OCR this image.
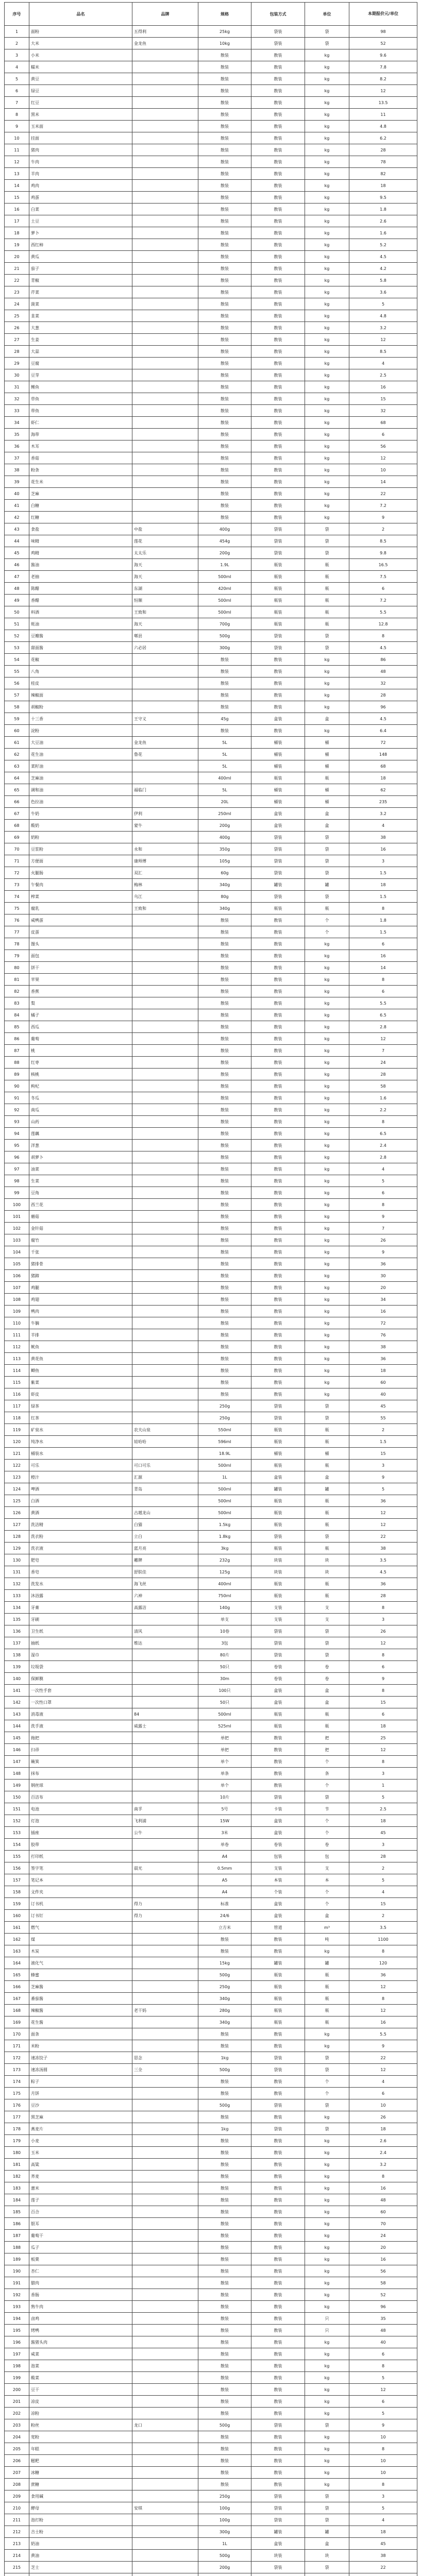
序号	品名	品牌	规格	包装方式	单位	本期报价元/单位
1	面粉	五得利	25kg	袋装	袋	98
2	大米	金龙鱼	10kg	袋装	袋	52
3	小米		散装	散装	kg	9.6
4	糯米		散装	散装	kg	7.8
5	黄豆		散装	散装	kg	8.2
6	绿豆		散装	散装	kg	12
7	红豆		散装	散装	kg	13.5
8	黑米		散装	散装	kg	11
9	玉米面		散装	散装	kg	4.8
10	挂面		散装	散装	kg	6.2
11	猪肉		散装	散装	kg	28
12	牛肉		散装	散装	kg	78
13	羊肉		散装	散装	kg	82
14	鸡肉		散装	散装	kg	18
15	鸡蛋		散装	散装	kg	9.5
16	白菜		散装	散装	kg	1.8
17	土豆		散装	散装	kg	2.6
18	萝卜		散装	散装	kg	1.6
19	西红柿		散装	散装	kg	5.2
20	黄瓜		散装	散装	kg	4.5
21	茄子		散装	散装	kg	4.2
22	青椒		散装	散装	kg	5.8
23	芹菜		散装	散装	kg	3.6
24	菠菜		散装	散装	kg	5
25	韭菜		散装	散装	kg	4.8
26	大葱		散装	散装	kg	3.2
27	生姜		散装	散装	kg	12
28	大蒜		散装	散装	kg	8.5
29	豆腐		散装	散装	kg	4
30	豆芽		散装	散装	kg	2.5
31	鲤鱼		散装	散装	kg	16
32	草鱼		散装	散装	kg	15
33	带鱼		散装	散装	kg	32
34	虾仁		散装	散装	kg	68
35	海带		散装	散装	kg	6
36	木耳		散装	散装	kg	56
37	香菇		散装	散装	kg	12
38	粉条		散装	散装	kg	10
39	花生米		散装	散装	kg	14
40	芝麻		散装	散装	kg	22
41	白糖		散装	散装	kg	7.2
42	红糖		散装	散装	kg	9
43	食盐	中盐	400g	袋装	袋	2
44	味精	莲花	454g	袋装	袋	8.5
45	鸡精	太太乐	200g	袋装	袋	9.8
46	酱油	海天	1.9L	瓶装	瓶	16.5
47	老抽	海天	500ml	瓶装	瓶	7.5
48	陈醋	东湖	420ml	瓶装	瓶	6
49	香醋	恒顺	500ml	瓶装	瓶	7.2
50	料酒	王致和	500ml	瓶装	瓶	5.5
51	蚝油	海天	700g	瓶装	瓶	12.8
52	豆瓣酱	郫县	500g	袋装	袋	8
53	甜面酱	六必居	300g	袋装	袋	4.5
54	花椒		散装	散装	kg	86
55	八角		散装	散装	kg	48
56	桂皮		散装	散装	kg	32
57	辣椒面		散装	散装	kg	28
58	胡椒粉		散装	散装	kg	96
59	十三香	王守义	45g	盒装	盒	4.5
60	淀粉		散装	散装	kg	6.4
61	大豆油	金龙鱼	5L	桶装	桶	72
62	花生油	鲁花	5L	桶装	桶	148
63	菜籽油		5L	桶装	桶	68
64	芝麻油		400ml	瓶装	瓶	18
65	调和油	福临门	5L	桶装	桶	62
66	色拉油		20L	桶装	桶	235
67	牛奶	伊利	250ml	盒装	盒	3.2
68	酸奶	蒙牛	200g	盒装	盒	4
69	奶粉		400g	袋装	袋	38
70	豆浆粉	永和	350g	袋装	袋	16
71	方便面	康师傅	105g	袋装	袋	3
72	火腿肠	双汇	60g	袋装	袋	1.5
73	午餐肉	梅林	340g	罐装	罐	18
74	榨菜	乌江	80g	袋装	袋	1.5
75	腐乳	王致和	340g	瓶装	瓶	8
76	咸鸭蛋		散装	散装	个	1.8
77	皮蛋		散装	散装	个	1.5
78	馒头		散装	散装	kg	6
79	面包		散装	散装	kg	16
80	饼干		散装	散装	kg	14
81	苹果		散装	散装	kg	8
82	香蕉		散装	散装	kg	6
83	梨		散装	散装	kg	5.5
84	橘子		散装	散装	kg	6.5
85	西瓜		散装	散装	kg	2.8
86	葡萄		散装	散装	kg	12
87	桃		散装	散装	kg	7
88	红枣		散装	散装	kg	24
89	核桃		散装	散装	kg	28
90	枸杞		散装	散装	kg	58
91	冬瓜		散装	散装	kg	1.6
92	南瓜		散装	散装	kg	2.2
93	山药		散装	散装	kg	8
94	莲藕		散装	散装	kg	6.5
95	洋葱		散装	散装	kg	2.4
96	胡萝卜		散装	散装	kg	2.8
97	油菜		散装	散装	kg	4
98	生菜		散装	散装	kg	5
99	豆角		散装	散装	kg	6
100	西兰花		散装	散装	kg	8
101	蘑菇		散装	散装	kg	9
102	金针菇		散装	散装	kg	7
103	腐竹		散装	散装	kg	26
104	千张		散装	散装	kg	9
105	猪排骨		散装	散装	kg	36
106	猪蹄		散装	散装	kg	30
107	鸡腿		散装	散装	kg	20
108	鸡翅		散装	散装	kg	34
109	鸭肉		散装	散装	kg	16
110	牛腩		散装	散装	kg	72
111	羊排		散装	散装	kg	76
112	鱿鱼		散装	散装	kg	38
113	黄花鱼		散装	散装	kg	36
114	鲫鱼		散装	散装	kg	18
115	紫菜		散装	散装	kg	60
116	虾皮		散装	散装	kg	40
117	绿茶		250g	袋装	袋	45
118	红茶		250g	袋装	袋	55
119	矿泉水	农夫山泉	550ml	瓶装	瓶	2
120	纯净水	娃哈哈	596ml	瓶装	瓶	1.5
121	桶装水		18.9L	桶装	桶	15
122	可乐	可口可乐	500ml	瓶装	瓶	3
123	橙汁	汇源	1L	盒装	盒	9
124	啤酒	青岛	500ml	罐装	罐	5
125	白酒		500ml	瓶装	瓶	36
126	黄酒	古越龙山	500ml	瓶装	瓶	12
127	洗洁精	白猫	1.5kg	瓶装	瓶	12
128	洗衣粉	立白	1.8kg	袋装	袋	22
129	洗衣液	蓝月亮	3kg	瓶装	瓶	38
130	肥皂	雕牌	232g	块装	块	3.5
131	香皂	舒肤佳	125g	块装	块	4.5
132	洗发水	海飞丝	400ml	瓶装	瓶	36
133	沐浴露	六神	750ml	瓶装	瓶	28
134	牙膏	高露洁	140g	支装	支	8
135	牙刷		单支	支装	支	3
136	卫生纸	清风	10卷	袋装	袋	26
137	抽纸	维达	3包	袋装	袋	12
138	湿巾		80片	袋装	袋	8
139	垃圾袋		50只	卷装	卷	6
140	保鲜膜		30m	卷装	卷	9
141	一次性手套		100只	盒装	盒	8
142	一次性口罩		50只	盒装	盒	15
143	消毒液	84	500ml	瓶装	瓶	6
144	洗手液	威露士	525ml	瓶装	瓶	18
145	拖把		单把	散装	把	25
146	扫帚		单把	散装	把	12
147	簸箕		单个	散装	个	8
148	抹布		单条	散装	条	3
149	钢丝球		单个	散装	个	1
150	百洁布		10片	袋装	袋	5
151	电池	南孚	5号	卡装	节	2.5
152	灯泡	飞利浦	15W	盒装	个	18
153	插座	公牛	3米	盒装	个	45
154	胶带		单卷	卷装	卷	3
155	打印纸		A4	包装	包	28
156	签字笔	晨光	0.5mm	支装	支	2
157	笔记本		A5	本装	本	5
158	文件夹		A4	个装	个	4
159	订书机	得力	标准	盒装	个	15
160	订书钉	得力	24/6	盒装	盒	2
161	燃气		立方米	管道	m³	3.5
162	煤		散装	散装	吨	1100
163	木炭		散装	散装	kg	8
164	液化气		15kg	罐装	罐	120
165	蜂蜜		500g	瓶装	瓶	36
166	芝麻酱		250g	瓶装	瓶	12
167	番茄酱		340g	瓶装	瓶	8
168	辣椒酱	老干妈	280g	瓶装	瓶	12
169	花生酱		340g	瓶装	瓶	16
170	面条		散装	散装	kg	5.5
171	米粉		散装	散装	kg	9
172	速冻饺子	思念	1kg	袋装	袋	22
173	速冻汤圆	三全	500g	袋装	袋	12
174	粽子		散装	散装	个	4
175	月饼		散装	散装	个	6
176	豆沙		500g	袋装	袋	10
177	黑芝麻		散装	散装	kg	26
178	燕麦片		1kg	袋装	袋	18
179	小麦		散装	散装	kg	2.6
180	玉米		散装	散装	kg	2.4
181	高粱		散装	散装	kg	3.2
182	荞麦		散装	散装	kg	8
183	薏米		散装	散装	kg	16
184	莲子		散装	散装	kg	48
185	百合		散装	散装	kg	60
186	银耳		散装	散装	kg	70
187	葡萄干		散装	散装	kg	24
188	瓜子		散装	散装	kg	20
189	板栗		散装	散装	kg	16
190	杏仁		散装	散装	kg	56
191	腊肉		散装	散装	kg	58
192	香肠		散装	散装	kg	52
193	熟牛肉		散装	散装	kg	96
194	卤鸡		散装	散装	只	35
195	烤鸭		散装	散装	只	48
196	酱猪头肉		散装	散装	kg	40
197	咸菜		散装	散装	kg	6
198	泡菜		散装	散装	kg	8
199	酸菜		散装	散装	kg	5
200	豆干		散装	散装	kg	12
201	凉皮		散装	散装	kg	6
202	凉粉		散装	散装	kg	5
203	粉丝	龙口	500g	袋装	袋	9
204	宽粉		散装	散装	kg	10
205	年糕		散装	散装	kg	8
206	糍粑		散装	散装	kg	10
207	冰糖		散装	散装	kg	10
208	蔗糖		散装	散装	kg	8
209	食用碱		250g	袋装	袋	3
210	酵母	安琪	100g	袋装	袋	5
211	泡打粉		100g	袋装	袋	4
212	吉士粉		300g	罐装	罐	18
213	奶油		1L	盒装	盒	45
214	黄油		500g	块装	块	38
215	芝士		200g	袋装	袋	22
